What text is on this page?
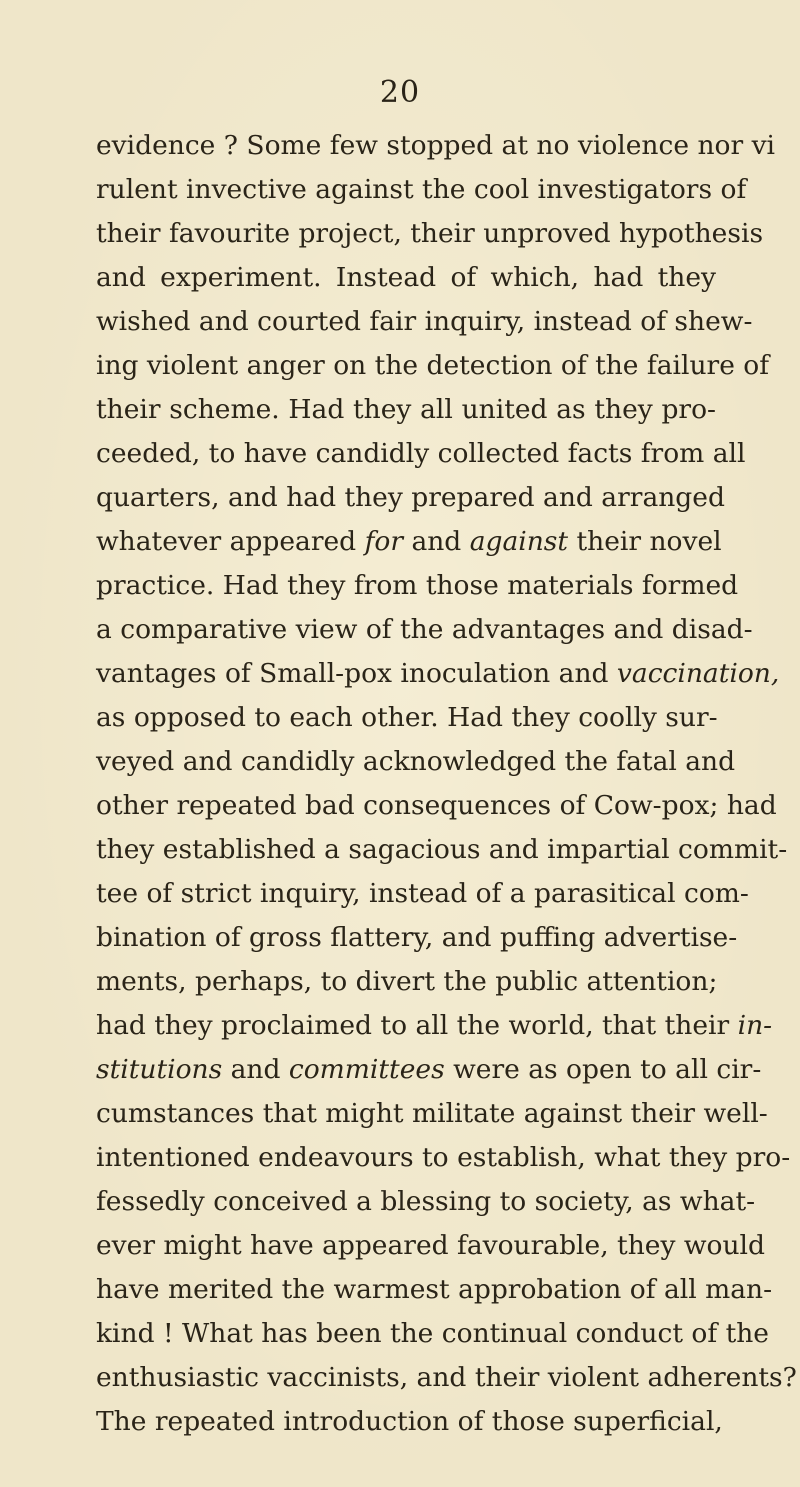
20
evidence ? Some few stopped at no violence nor vi
rulent invective against the cool investigators of
their favourite project, their unproved hypothesis
and experiment. Instead of which, had they
wished and courted fair inquiry, instead of shew-
ing violent anger on the detection of the failure of
their scheme. Had they all united as they pro-
ceeded, to have candidly collected facts from all
quarters, and had they prepared and arranged
whatever appeared for and against their novel
practice. Had they from those materials formed
a comparative view of the advantages and disad-
vantages of Small-pox inoculation and vaccination,
as opposed to each other. Had they coolly sur-
veyed and candidly acknowledged the fatal and
other repeated bad consequences of Cow-pox; had
they established a sagacious and impartial commit-
tee of strict inquiry, instead of a parasitical com-
bination of gross flattery, and puffing advertise-
ments, perhaps, to divert the public attention;
had they proclaimed to all the world, that their in-
stitutions and committees were as open to all cir-
cumstances that might militate against their well-
intentioned endeavours to establish, what they pro-
fessedly conceived a blessing to society, as what-
ever might have appeared favourable, they would
have merited the warmest approbation of all man-
kind ! What has been the continual conduct of the
enthusiastic vaccinists, and their violent adherents?
The repeated introduction of those superficial,
